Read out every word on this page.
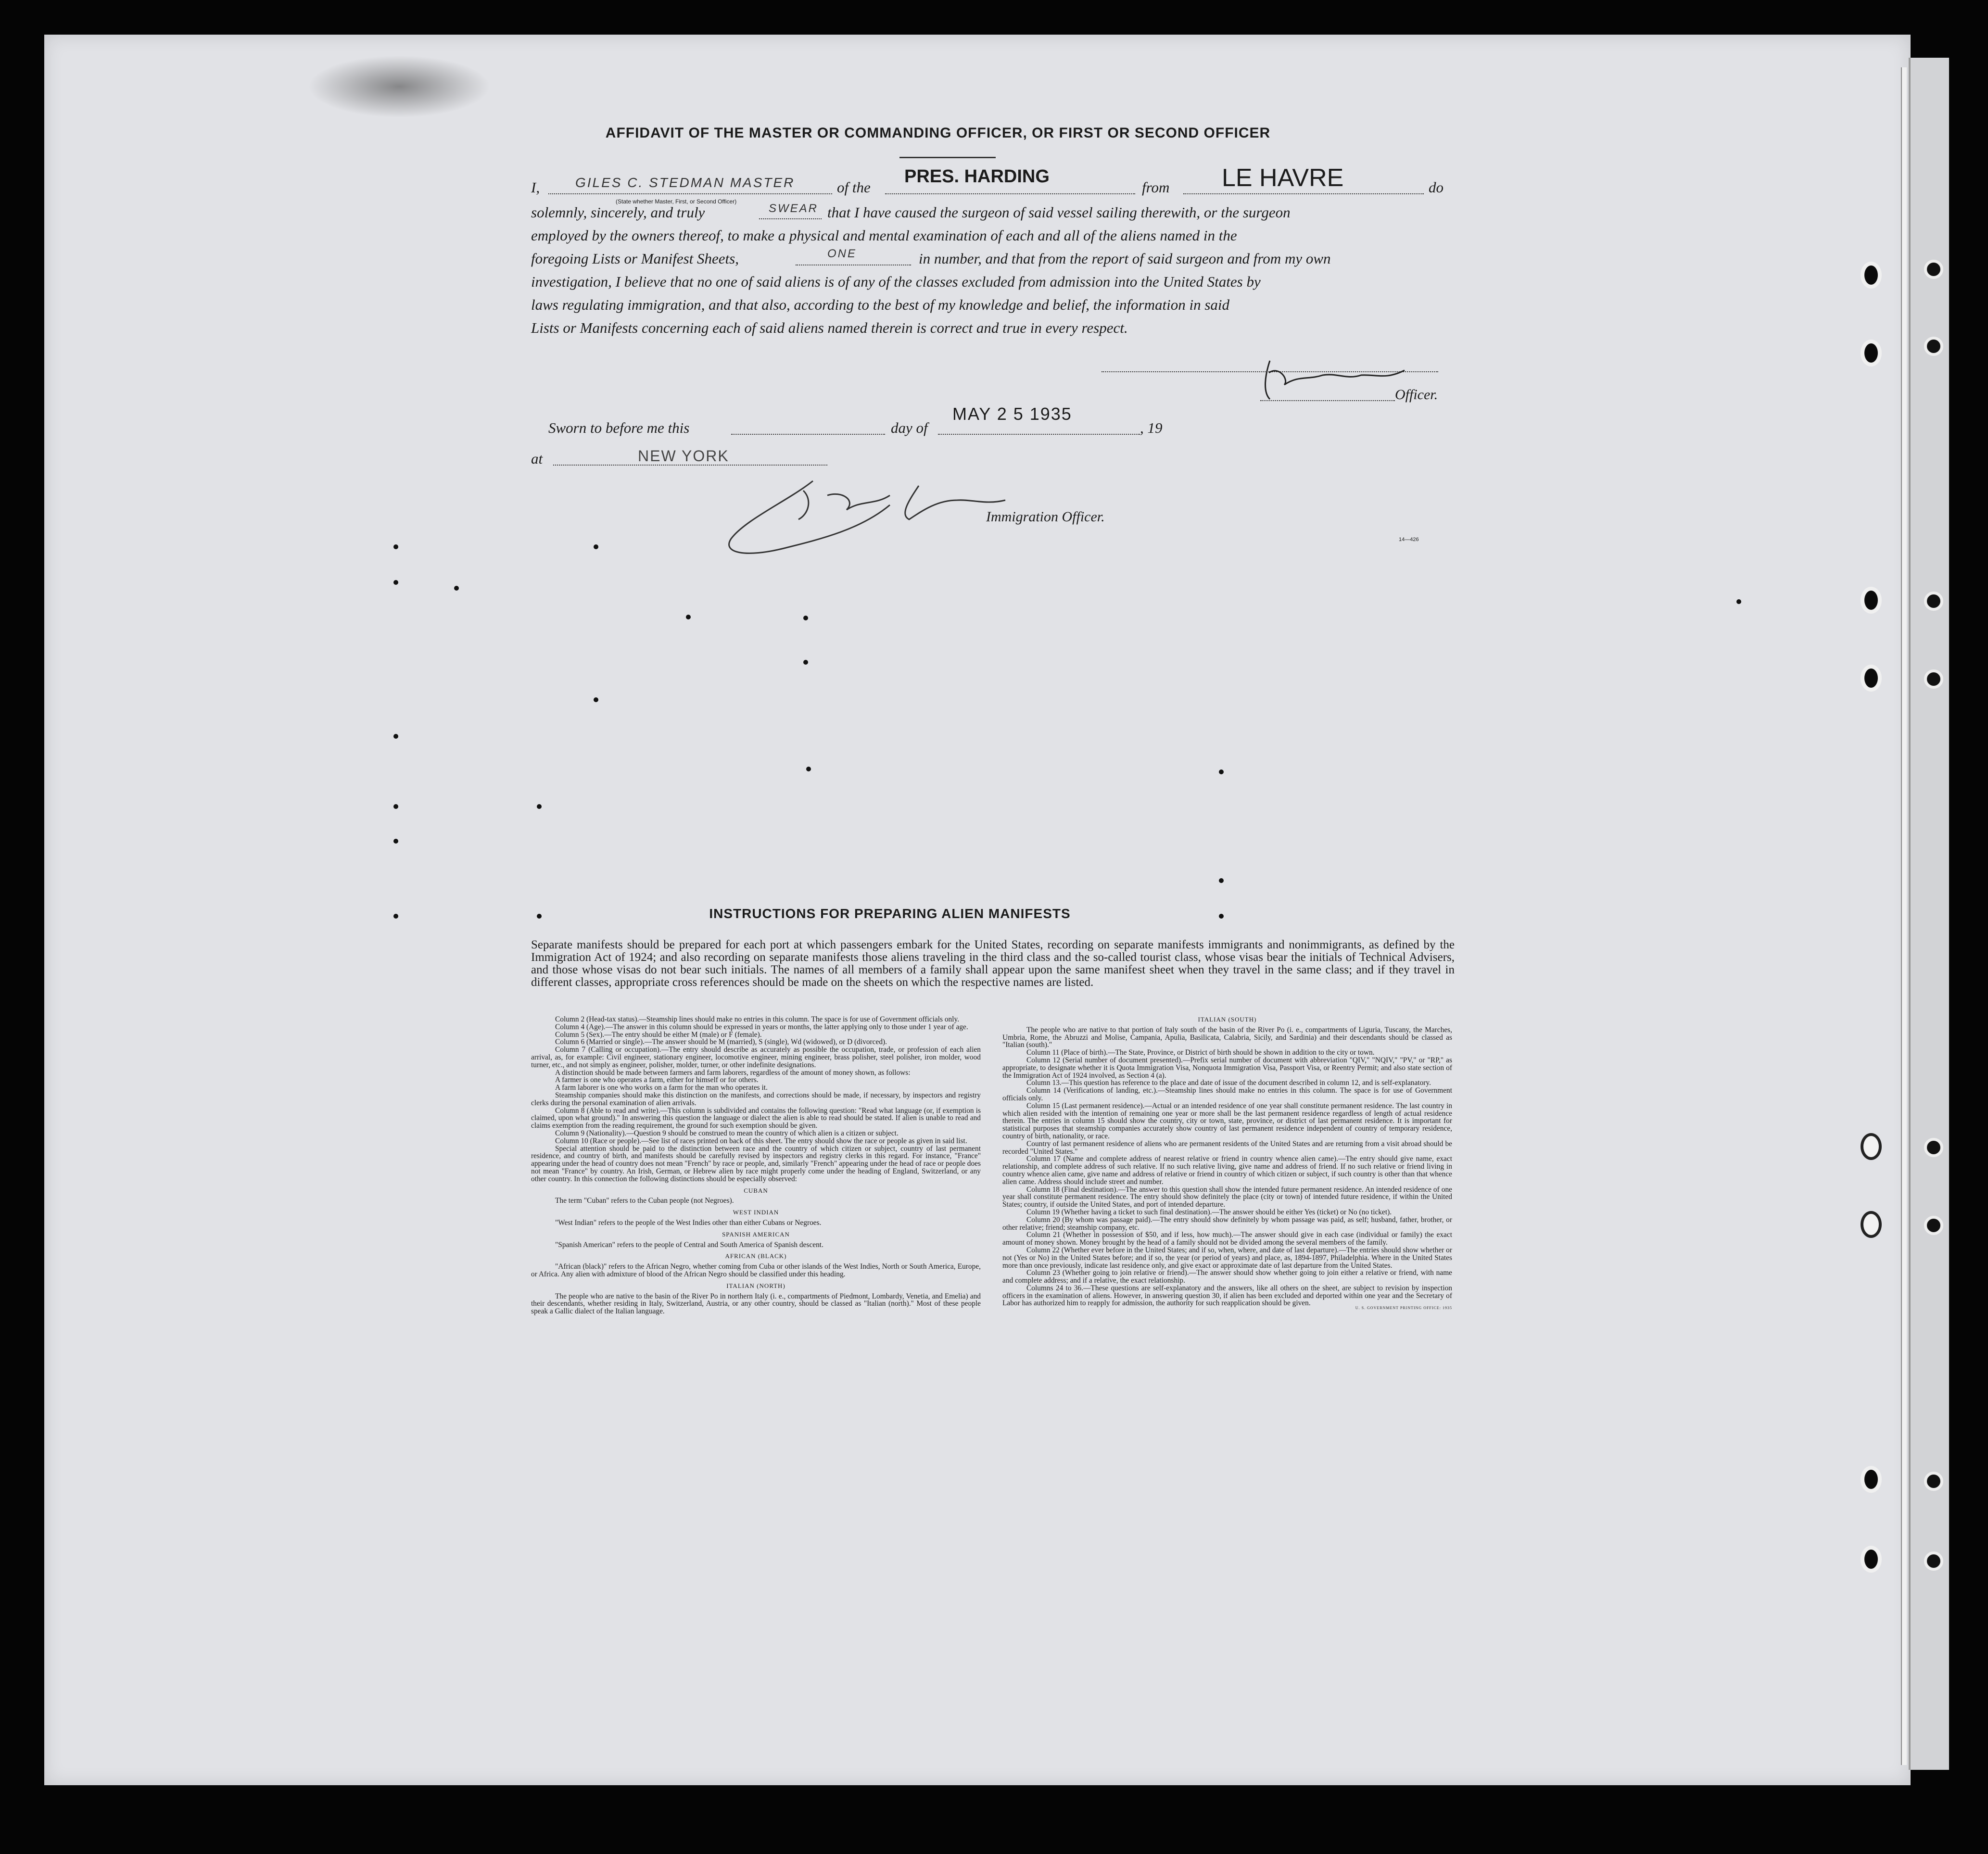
AFFIDAVIT OF THE MASTER OR COMMANDING OFFICER, OR FIRST OR SECOND OFFICER
I,	GILES C. STEDMAN MASTER
(State whether Master, First, or Second Officer)
of the
PRES. HARDING
from LE HAVRE	do
solemnly, sincerely, and truly	SWEAR that I have caused the surgeon of said vessel sailing therewith, or the surgeon
employed by the owners thereof, to make a physical and mental examination of each and all of the aliens named in the
foregoing Lists or Manifest Sheets,	ONE	in number, and that from the report of said surgeon and from my own
investigation, I believe that no one of said aliens is of any of the classes excluded from admission into the United States by
laws regulating immigration, and that also, according to the best of my knowledge and belief, the information in said
Lists or Manifests concerning each of said aliens named therein is correct and true in every respect.
Officer.
Sworn to before me this	day of
MAY 2 5 1935
, 19
at	NEW YORK
Immigration Officer.
14—426
INSTRUCTIONS FOR PREPARING ALIEN MANIFESTS
Separate manifests should be prepared for each port at which passengers embark for the United States, recording on separate manifests immigrants and nonimmigrants, as defined by the Immigration Act of 1924; and also recording on separate manifests those aliens traveling in the third class and the so-called tourist class, whose visas bear the initials of Technical Advisers, and those whose visas do not bear such initials. The names of all members of a family shall appear upon the same manifest sheet when they travel in the same class; and if they travel in different classes, appropriate cross references should be made on the sheets on which the respective names are listed.

Column 2 (Head-tax status).—Steamship lines should make no entries in this column. The space is for use of Government officials only.

Column 4 (Age).—The answer in this column should be expressed in years or months, the latter applying only to those under 1 year of age.

Column 5 (Sex).—The entry should be either M (male) or F (female).

Column 6 (Married or single).—The answer should be M (married), S (single), Wd (widowed), or D (divorced).

Column 7 (Calling or occupation).—The entry should describe as accurately as possible the occupation, trade, or profession of each alien arrival, as, for example: Civil engineer, stationary engineer, locomotive engineer, mining engineer, brass polisher, steel polisher, iron molder, wood turner, etc., and not simply as engineer, polisher, molder, turner, or other indefinite designations.

A distinction should be made between farmers and farm laborers, regardless of the amount of money shown, as follows:

A farmer is one who operates a farm, either for himself or for others.

A farm laborer is one who works on a farm for the man who operates it.

Steamship companies should make this distinction on the manifests, and corrections should be made, if necessary, by inspectors and registry clerks during the personal examination of alien arrivals.

Column 8 (Able to read and write).—This column is subdivided and contains the following question: "Read what language (or, if exemption is claimed, upon what ground)." In answering this question the language or dialect the alien is able to read should be stated. If alien is unable to read and claims exemption from the reading requirement, the ground for such exemption should be given.

Column 9 (Nationality).—Question 9 should be construed to mean the country of which alien is a citizen or subject.

Column 10 (Race or people).—See list of races printed on back of this sheet. The entry should show the race or people as given in said list.

Special attention should be paid to the distinction between race and the country of which citizen or subject, country of last permanent residence, and country of birth, and manifests should be carefully revised by inspectors and registry clerks in this regard. For instance, "France" appearing under the head of country does not mean "French" by race or people, and, similarly "French" appearing under the head of race or people does not mean "France" by country. An Irish, German, or Hebrew alien by race might properly come under the heading of England, Switzerland, or any other country. In this connection the following distinctions should be especially observed:

CUBAN

The term "Cuban" refers to the Cuban people (not Negroes).

WEST INDIAN

"West Indian" refers to the people of the West Indies other than either Cubans or Negroes.

SPANISH AMERICAN

"Spanish American" refers to the people of Central and South America of Spanish descent.

AFRICAN (BLACK)

"African (black)" refers to the African Negro, whether coming from Cuba or other islands of the West Indies, North or South America, Europe, or Africa. Any alien with admixture of blood of the African Negro should be classified under this heading.

ITALIAN (NORTH)

The people who are native to the basin of the River Po in northern Italy (i. e., compartments of Piedmont, Lombardy, Venetia, and Emelia) and their descendants, whether residing in Italy, Switzerland, Austria, or any other country, should be classed as "Italian (north)." Most of these people speak a Gallic dialect of the Italian language.

ITALIAN (SOUTH)

The people who are native to that portion of Italy south of the basin of the River Po (i. e., compartments of Liguria, Tuscany, the Marches, Umbria, Rome, the Abruzzi and Molise, Campania, Apulia, Basilicata, Calabria, Sicily, and Sardinia) and their descendants should be classed as "Italian (south)."

Column 11 (Place of birth).—The State, Province, or District of birth should be shown in addition to the city or town.

Column 12 (Serial number of document presented).—Prefix serial number of document with abbreviation "QIV," "NQIV," "PV," or "RP," as appropriate, to designate whether it is Quota Immigration Visa, Nonquota Immigration Visa, Passport Visa, or Reentry Permit; and also state section of the Immigration Act of 1924 involved, as Section 4 (a).

Column 13.—This question has reference to the place and date of issue of the document described in column 12, and is self-explanatory.

Column 14 (Verifications of landing, etc.).—Steamship lines should make no entries in this column. The space is for use of Government officials only.

Column 15 (Last permanent residence).—Actual or an intended residence of one year shall constitute permanent residence. The last country in which alien resided with the intention of remaining one year or more shall be the last permanent residence regardless of length of actual residence therein. The entries in column 15 should show the country, city or town, state, province, or district of last permanent residence. It is important for statistical purposes that steamship companies accurately show country of last permanent residence independent of country of temporary residence, country of birth, nationality, or race.

Country of last permanent residence of aliens who are permanent residents of the United States and are returning from a visit abroad should be recorded "United States."

Column 17 (Name and complete address of nearest relative or friend in country whence alien came).—The entry should give name, exact relationship, and complete address of such relative. If no such relative living, give name and address of friend. If no such relative or friend living in country whence alien came, give name and address of relative or friend in country of which citizen or subject, if such country is other than that whence alien came. Address should include street and number.

Column 18 (Final destination).—The answer to this question shall show the intended future permanent residence. An intended residence of one year shall constitute permanent residence. The entry should show definitely the place (city or town) of intended future residence, if within the United States; country, if outside the United States, and port of intended departure.

Column 19 (Whether having a ticket to such final destination).—The answer should be either Yes (ticket) or No (no ticket).

Column 20 (By whom was passage paid).—The entry should show definitely by whom passage was paid, as self; husband, father, brother, or other relative; friend; steamship company, etc.

Column 21 (Whether in possession of $50, and if less, how much).—The answer should give in each case (individual or family) the exact amount of money shown. Money brought by the head of a family should not be divided among the several members of the family.

Column 22 (Whether ever before in the United States; and if so, when, where, and date of last departure).—The entries should show whether or not (Yes or No) in the United States before; and if so, the year (or period of years) and place, as, 1894-1897, Philadelphia. Where in the United States more than once previously, indicate last residence only, and give exact or approximate date of last departure from the United States.

Column 23 (Whether going to join relative or friend).—The answer should show whether going to join either a relative or friend, with name and complete address; and if a relative, the exact relationship.

Columns 24 to 36.—These questions are self-explanatory and the answers, like all others on the sheet, are subject to revision by inspection officers in the examination of aliens. However, in answering question 30, if alien has been excluded and deported within one year and the Secretary of Labor has authorized him to reapply for admission, the authority for such reapplication should be given.

U. S. GOVERNMENT PRINTING OFFICE: 1935
